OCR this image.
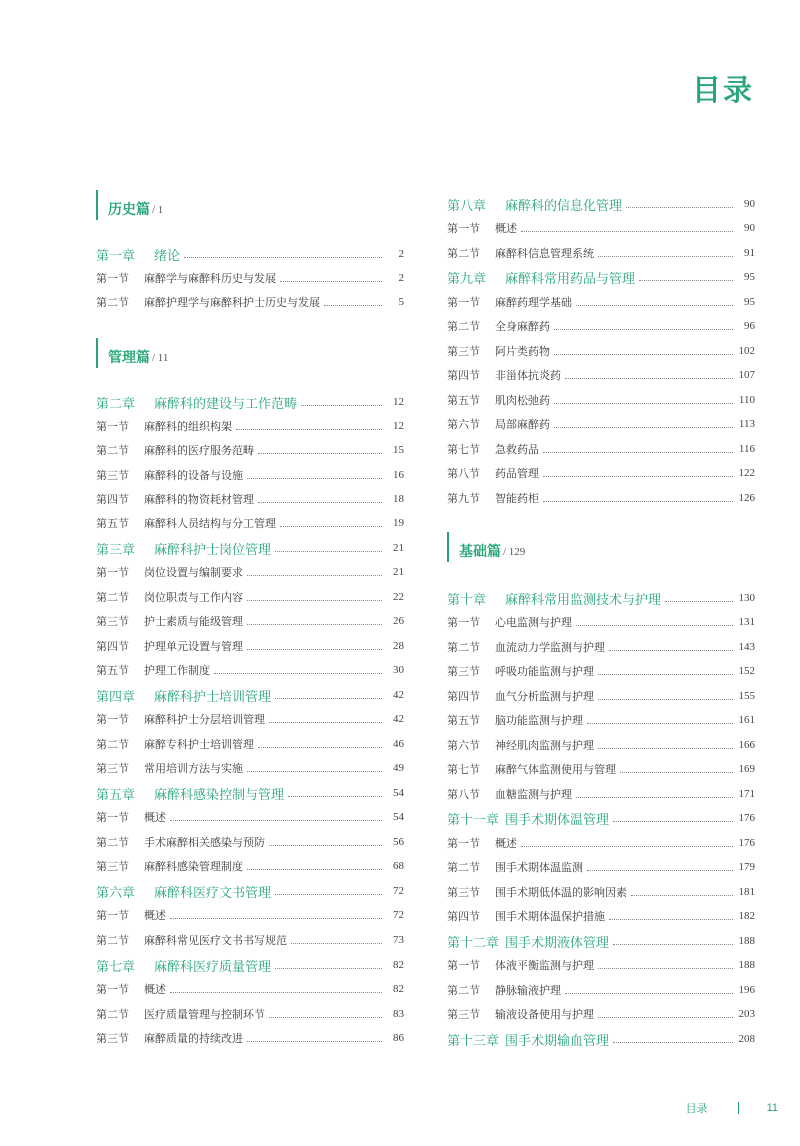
目录
历史篇 / 1
第一章	绪论	2
第一节	麻醉学与麻醉科历史与发展	2
第二节	麻醉护理学与麻醉科护士历史与发展	5
管理篇 / 11
第二章	麻醉科的建设与工作范畴	12
第一节	麻醉科的组织构架	12
第二节	麻醉科的医疗服务范畴	15
第三节	麻醉科的设备与设施	16
第四节	麻醉科的物资耗材管理	18
第五节	麻醉科人员结构与分工管理	19
第三章	麻醉科护士岗位管理	21
第一节	岗位设置与编制要求	21
第二节	岗位职责与工作内容	22
第三节	护士素质与能级管理	26
第四节	护理单元设置与管理	28
第五节	护理工作制度	30
第四章	麻醉科护士培训管理	42
第一节	麻醉科护士分层培训管理	42
第二节	麻醉专科护士培训管理	46
第三节	常用培训方法与实施	49
第五章	麻醉科感染控制与管理	54
第一节	概述	54
第二节	手术麻醉相关感染与预防	56
第三节	麻醉科感染管理制度	68
第六章	麻醉科医疗文书管理	72
第一节	概述	72
第二节	麻醉科常见医疗文书书写规范	73
第七章	麻醉科医疗质量管理	82
第一节	概述	82
第二节	医疗质量管理与控制环节	83
第三节	麻醉质量的持续改进	86
第八章	麻醉科的信息化管理	90
第一节	概述	90
第二节	麻醉科信息管理系统	91
第九章	麻醉科常用药品与管理	95
第一节	麻醉药理学基础	95
第二节	全身麻醉药	96
第三节	阿片类药物	102
第四节	非甾体抗炎药	107
第五节	肌肉松弛药	110
第六节	局部麻醉药	113
第七节	急救药品	116
第八节	药品管理	122
第九节	智能药柜	126
基础篇 / 129
第十章	麻醉科常用监测技术与护理	130
第一节	心电监测与护理	131
第二节	血流动力学监测与护理	143
第三节	呼吸功能监测与护理	152
第四节	血气分析监测与护理	155
第五节	脑功能监测与护理	161
第六节	神经肌肉监测与护理	166
第七节	麻醉气体监测使用与管理	169
第八节	血糖监测与护理	171
第十一章 围手术期体温管理	176
第一节	概述	176
第二节	围手术期体温监测	179
第三节	围手术期低体温的影响因素	181
第四节	围手术期体温保护措施	182
第十二章 围手术期液体管理	188
第一节	体液平衡监测与护理	188
第二节	静脉输液护理	196
第三节	输液设备使用与护理	203
第十三章 围手术期输血管理	208
目录	11
